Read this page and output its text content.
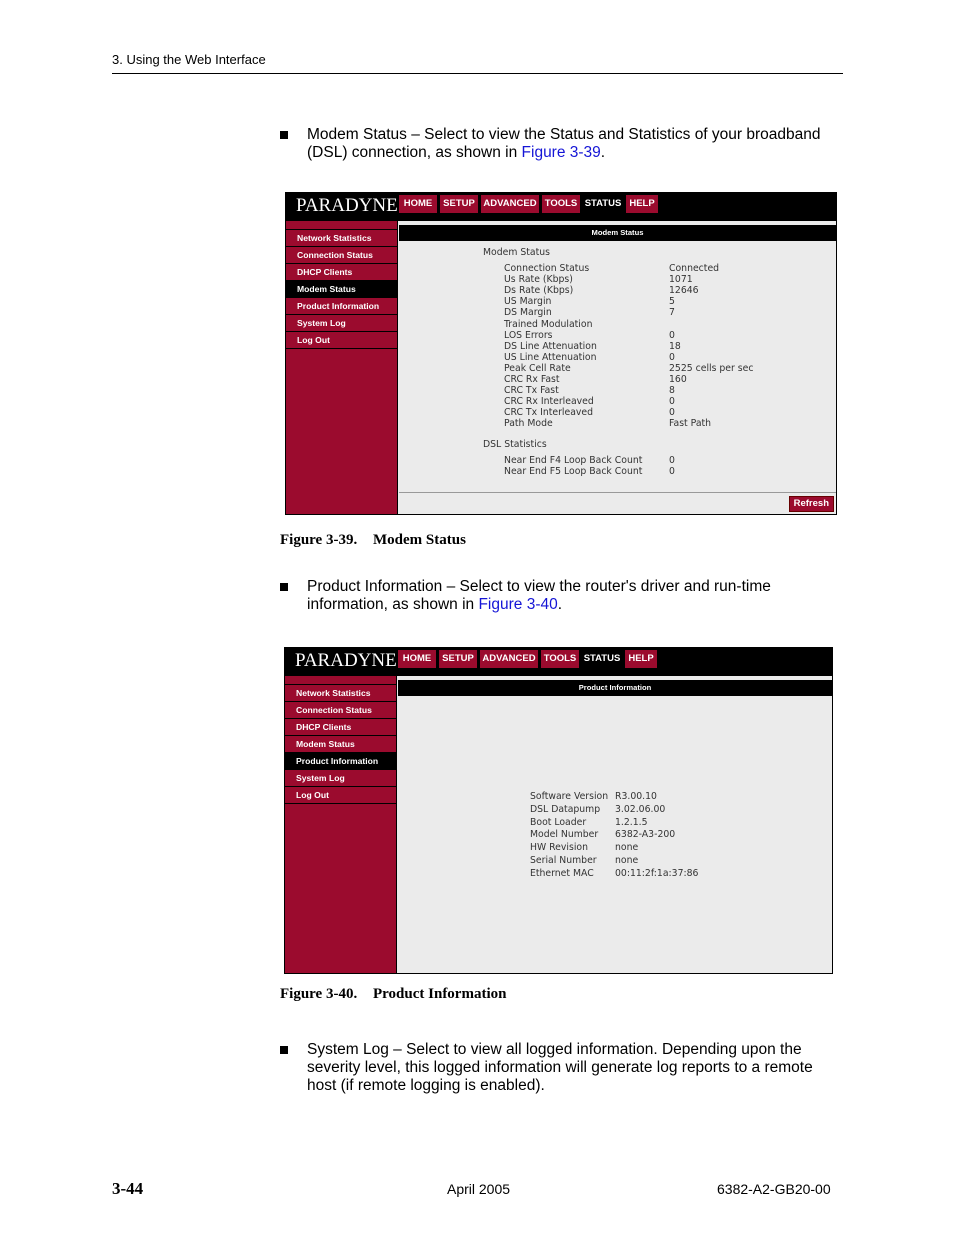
3. Using the Web Interface
Modem Status – Select to view the Status and Statistics of your broadband (DSL) connection, as shown in Figure 3-39.
PARADYNE HOME	SETUP ADVANCED TOOLS STATUS HELP
Network Statistics
Connection Status
DHCP Clients
Modem Status
Product Information
System Log
Log Out
Modem Status
Modem Status
Connection Status	Connected
Us Rate (Kbps)	1071
Ds Rate (Kbps)	12646
US Margin	5
DS Margin	7
Trained Modulation
LOS Errors	0
DS Line Attenuation	18
US Line Attenuation	0
Peak Cell Rate	2525 cells per sec
CRC Rx Fast	160
CRC Tx Fast	8
CRC Rx Interleaved	0
CRC Tx Interleaved	0
Path Mode	Fast Path
DSL Statistics
Near End F4 Loop Back Count	0
Near End F5 Loop Back Count	0
Refresh
Figure 3-39. Modem Status
Product Information – Select to view the router's driver and run-time information, as shown in Figure 3-40.
PARADYNE HOME	SETUP ADVANCED TOOLS STATUS HELP
Network Statistics
Connection Status
DHCP Clients
Modem Status
Product Information
System Log
Log Out
Product Information
Software Version R3.00.10
DSL Datapump 3.02.06.00
Boot Loader	1.2.1.5
Model Number 6382-A3-200
HW Revision	none
Serial Number none
Ethernet MAC 00:11:2f:1a:37:86
Figure 3-40. Product Information
System Log – Select to view all logged information. Depending upon the severity level, this logged information will generate log reports to a remote host (if remote logging is enabled).
3-44	April 2005	6382-A2-GB20-00
